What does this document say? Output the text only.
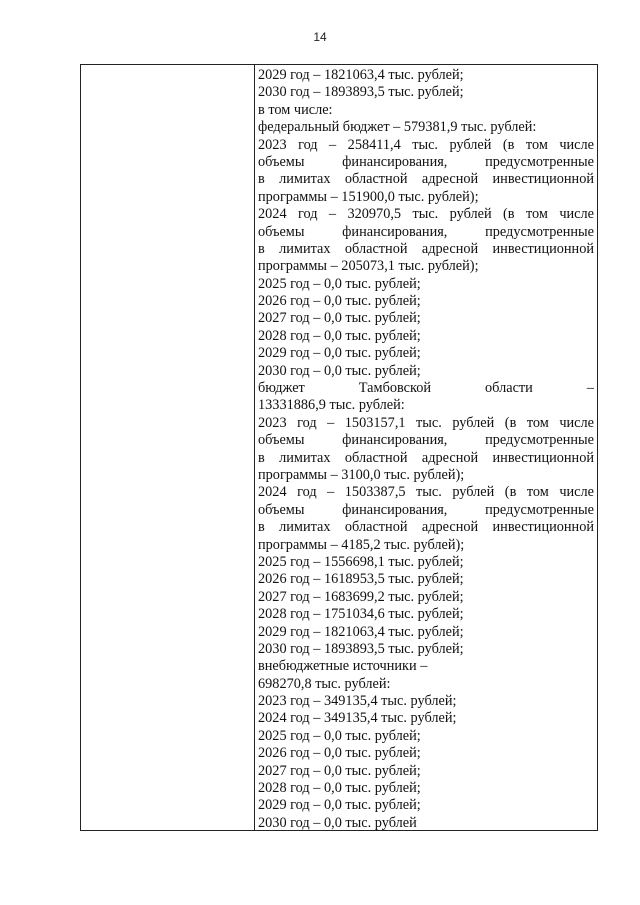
14
2029 год – 1821063,4 тыс. рублей;
2030 год – 1893893,5 тыс. рублей;
в том числе:
федеральный бюджет – 579381,9 тыс. рублей:
2023 год – 258411,4 тыс. рублей (в том числе
объемы финансирования, предусмотренные
в лимитах областной адресной инвестиционной
программы – 151900,0 тыс. рублей);
2024 год – 320970,5 тыс. рублей (в том числе
объемы финансирования, предусмотренные
в лимитах областной адресной инвестиционной
программы – 205073,1 тыс. рублей);
2025 год – 0,0 тыс. рублей;
2026 год – 0,0 тыс. рублей;
2027 год – 0,0 тыс. рублей;
2028 год – 0,0 тыс. рублей;
2029 год – 0,0 тыс. рублей;
2030 год – 0,0 тыс. рублей;
бюджет Тамбовской области –
13331886,9 тыс. рублей:
2023 год – 1503157,1 тыс. рублей (в том числе
объемы финансирования, предусмотренные
в лимитах областной адресной инвестиционной
программы – 3100,0 тыс. рублей);
2024 год – 1503387,5 тыс. рублей (в том числе
объемы финансирования, предусмотренные
в лимитах областной адресной инвестиционной
программы – 4185,2 тыс. рублей);
2025 год – 1556698,1 тыс. рублей;
2026 год – 1618953,5 тыс. рублей;
2027 год – 1683699,2 тыс. рублей;
2028 год – 1751034,6 тыс. рублей;
2029 год – 1821063,4 тыс. рублей;
2030 год – 1893893,5 тыс. рублей;
внебюджетные источники –
698270,8 тыс. рублей:
2023 год – 349135,4 тыс. рублей;
2024 год – 349135,4 тыс. рублей;
2025 год – 0,0 тыс. рублей;
2026 год – 0,0 тыс. рублей;
2027 год – 0,0 тыс. рублей;
2028 год – 0,0 тыс. рублей;
2029 год – 0,0 тыс. рублей;
2030 год – 0,0 тыс. рублей
